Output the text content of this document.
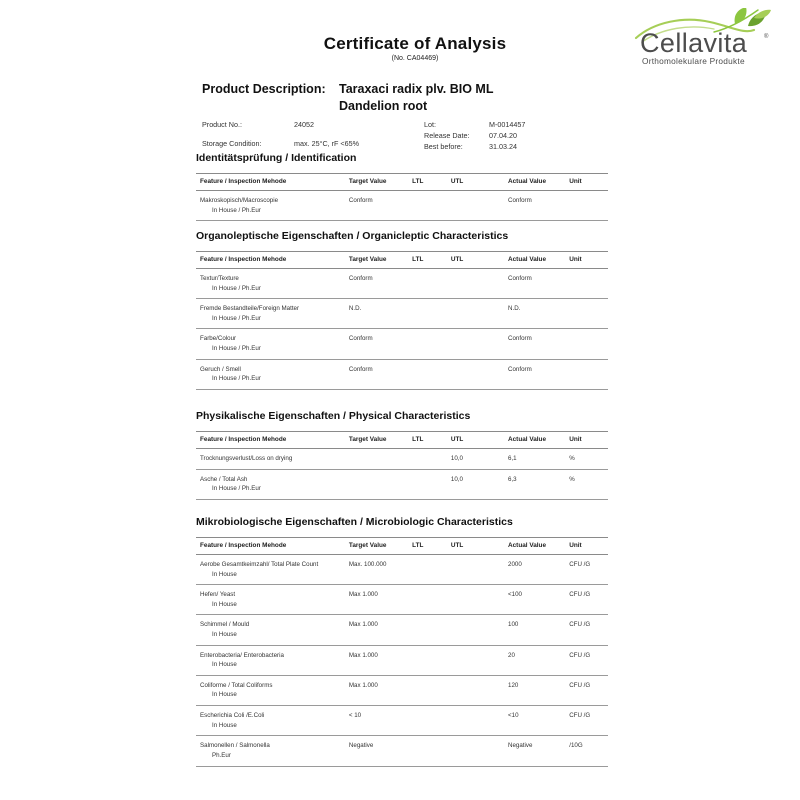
Certificate of Analysis
(No. CA04469)
Cellavita	®
Orthomolekulare Produkte
Product Description:	Taraxaci radix plv. BIO ML
Dandelion root
Product No.:	24052
Storage Condition:	max. 25°C, rF <65%
Lot:	M-0014457
Release Date:	07.04.20
Best before:	31.03.24
Identitätsprüfung / Identification
Feature / Inspection Mehode	Target Value	LTL	UTL	Actual Value	Unit
Makroskopisch/Macroscopie
In House / Ph.Eur	Conform			Conform	
Organoleptische Eigenschaften / Organicleptic Characteristics
Feature / Inspection Mehode	Target Value	LTL	UTL	Actual Value	Unit
Textur/Texture
In House / Ph.Eur	Conform			Conform	
Fremde Bestandteile/Foreign Matter
In House / Ph.Eur	N.D.			N.D.	
Farbe/Colour
In House / Ph.Eur	Conform			Conform	
Geruch / Smell
In House / Ph.Eur	Conform			Conform	
Physikalische Eigenschaften / Physical Characteristics
Feature / Inspection Mehode	Target Value	LTL	UTL	Actual Value	Unit
Trocknungsverlust/Loss on drying			10,0	6,1	%
Asche / Total Ash
In House / Ph.Eur			10,0	6,3	%
Mikrobiologische Eigenschaften / Microbiologic Characteristics
Feature / Inspection Mehode	Target Value	LTL	UTL	Actual Value	Unit
Aerobe Gesamtkeimzahl/ Total Plate Count
In House	Max. 100.000			2000	CFU /G
Hefen/ Yeast
In House	Max 1.000			<100	CFU /G
Schimmel / Mould
In House	Max 1.000			100	CFU /G
Enterobacteria/ Enterobacteria
In House	Max 1.000			20	CFU /G
Coliforme / Total Coliforms
In House	Max 1.000			120	CFU /G
Escherichia Coli /E.Coli
In House	< 10			<10	CFU /G
Salmonellen / Salmonella
Ph.Eur	Negative			Negative	/10G
